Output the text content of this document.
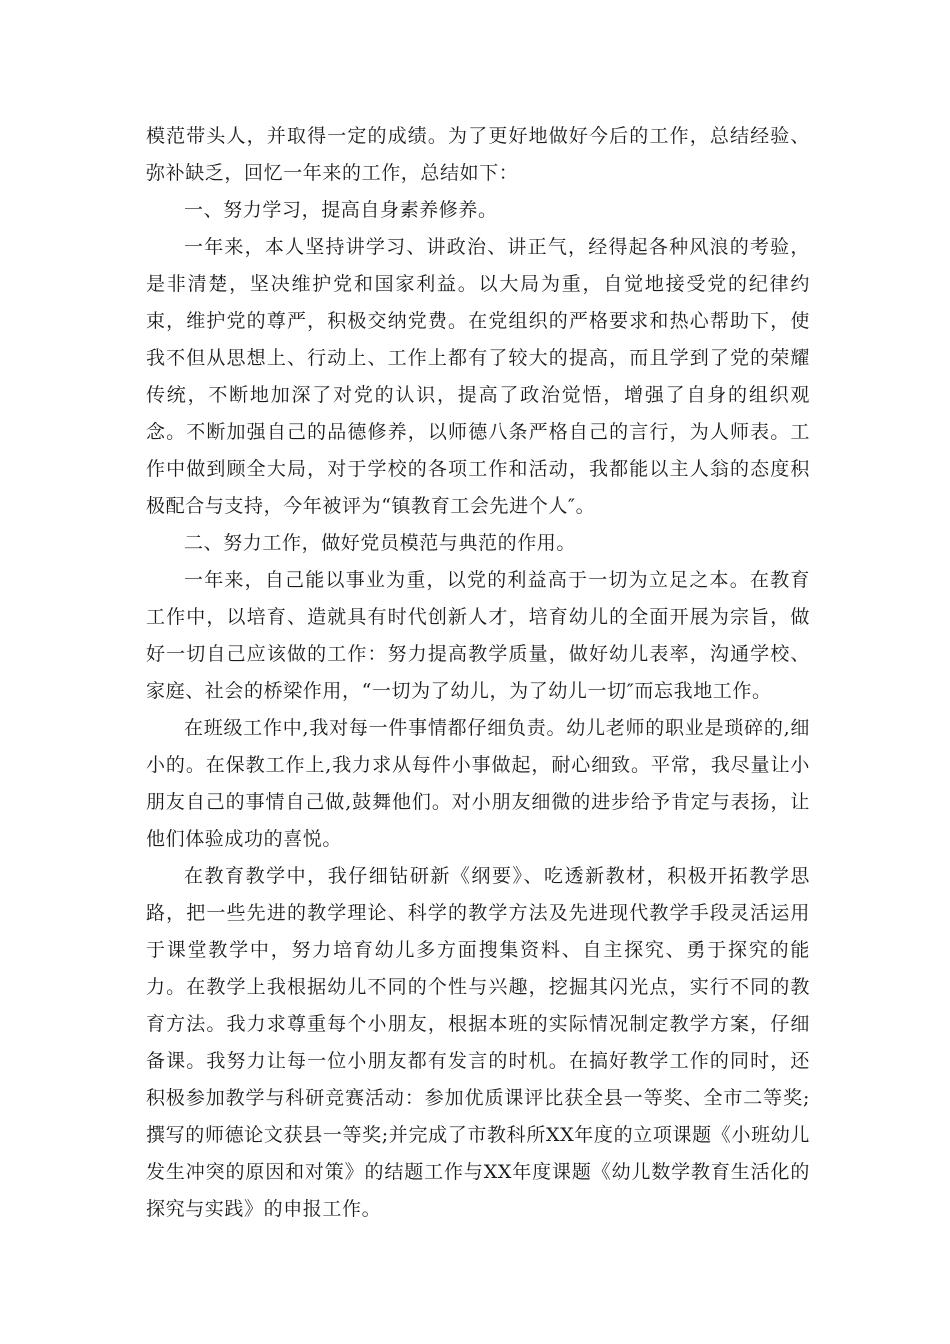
模范带头人，并取得一定的成绩。为了更好地做好今后的工作，总结经验、弥补缺乏，回忆一年来的工作，总结如下：

一、努力学习，提高自身素养修养。

一年来，本人坚持讲学习、讲政治、讲正气，经得起各种风浪的考验，是非清楚，坚决维护党和国家利益。以大局为重，自觉地接受党的纪律约束，维护党的尊严，积极交纳党费。在党组织的严格要求和热心帮助下，使我不但从思想上、行动上、工作上都有了较大的提高，而且学到了党的荣耀传统，不断地加深了对党的认识，提高了政治觉悟，增强了自身的组织观念。不断加强自己的品德修养，以师德八条严格自己的言行，为人师表。工作中做到顾全大局，对于学校的各项工作和活动，我都能以主人翁的态度积极配合与支持，今年被评为“镇教育工会先进个人″。

二、努力工作，做好党员模范与典范的作用。

一年来，自己能以事业为重，以党的利益高于一切为立足之本。在教育工作中，以培育、造就具有时代创新人才，培育幼儿的全面开展为宗旨，做好一切自己应该做的工作：努力提高教学质量，做好幼儿表率，沟通学校、家庭、社会的桥梁作用，“一切为了幼儿，为了幼儿一切″而忘我地工作。

在班级工作中,我对每一件事情都仔细负责。幼儿老师的职业是琐碎的,细小的。在保教工作上,我力求从每件小事做起，耐心细致。平常，我尽量让小朋友自己的事情自己做,鼓舞他们。对小朋友细微的进步给予肯定与表扬，让他们体验成功的喜悦。

在教育教学中，我仔细钻研新《纲要》、吃透新教材，积极开拓教学思路，把一些先进的教学理论、科学的教学方法及先进现代教学手段灵活运用于课堂教学中，努力培育幼儿多方面搜集资料、自主探究、勇于探究的能力。在教学上我根据幼儿不同的个性与兴趣，挖掘其闪光点，实行不同的教育方法。我力求尊重每个小朋友，根据本班的实际情况制定教学方案，仔细备课。我努力让每一位小朋友都有发言的时机。在搞好教学工作的同时，还积极参加教学与科研竞赛活动：参加优质课评比获全县一等奖、全市二等奖;撰写的师德论文获县一等奖;并完成了市教科所XX年度的立项课题《小班幼儿发生冲突的原因和对策》的结题工作与XX年度课题《幼儿数学教育生活化的探究与实践》的申报工作。
